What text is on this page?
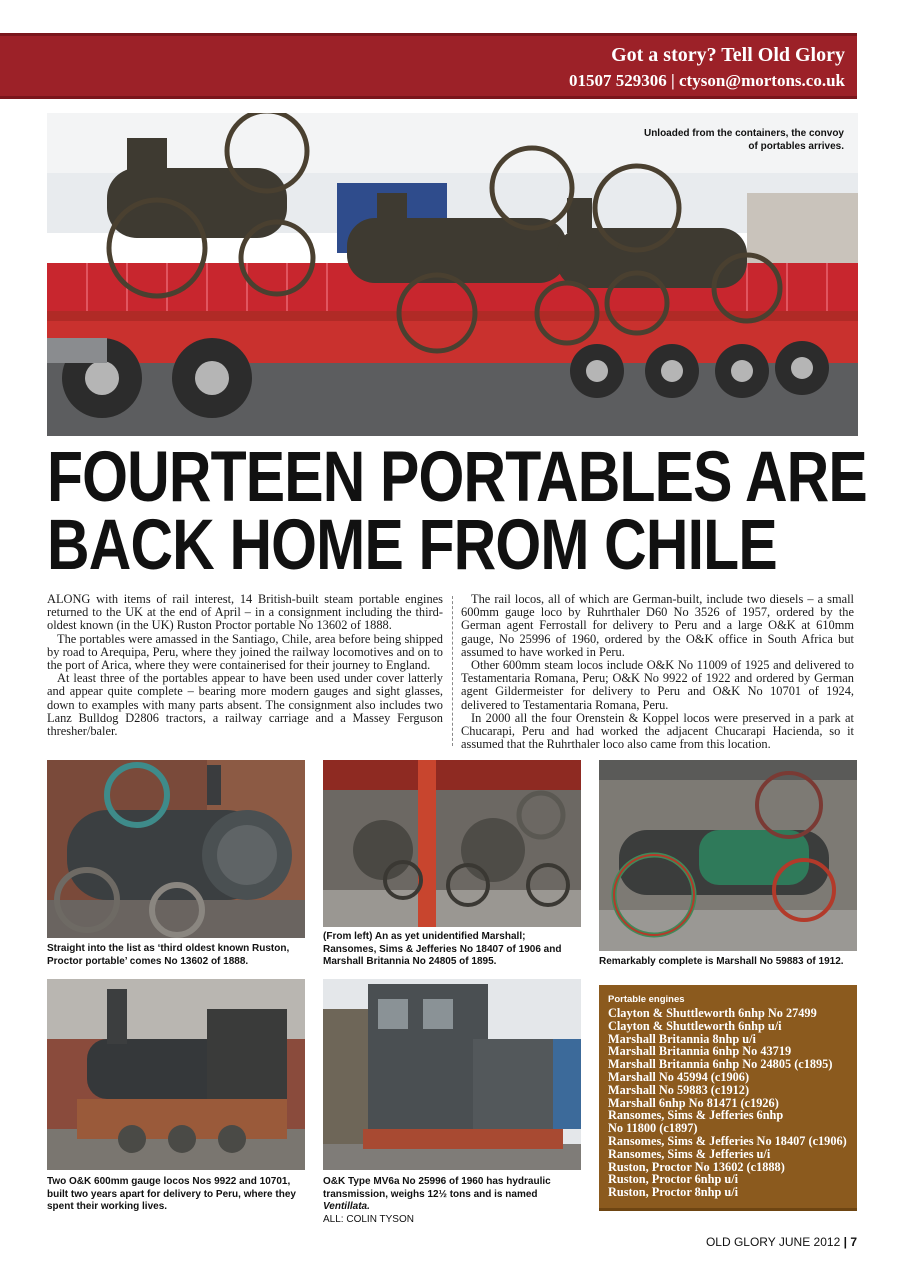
Got a story? Tell Old Glory
01507 529306 | ctyson@mortons.co.uk
Unloaded from the containers, the convoy of portables arrives.
FOURTEEN PORTABLES ARE
BACK HOME FROM CHILE

ALONG with items of rail interest, 14 British-built steam portable engines returned to the UK at the end of April – in a consignment including the third-oldest known (in the UK) Ruston Proctor portable No 13602 of 1888.

The portables were amassed in the Santiago, Chile, area before being shipped by road to Arequipa, Peru, where they joined the railway locomotives and on to the port of Arica, where they were containerised for their journey to England.

At least three of the portables appear to have been used under cover latterly and appear quite complete – bearing more modern gauges and sight glasses, down to examples with many parts absent. The consignment also includes two Lanz Bulldog D2806 tractors, a railway carriage and a Massey Ferguson thresher/baler.

The rail locos, all of which are German-built, include two diesels – a small 600mm gauge loco by Ruhrthaler D60 No 3526 of 1957, ordered by the German agent Ferrostall for delivery to Peru and a large O&K at 610mm gauge, No 25996 of 1960, ordered by the O&K office in South Africa but assumed to have worked in Peru.

Other 600mm steam locos include O&K No 11009 of 1925 and delivered to Testamentaria Romana, Peru; O&K No 9922 of 1922 and ordered by German agent Gildermeister for delivery to Peru and O&K No 10701 of 1924, delivered to Testamentaria Romana, Peru.

In 2000 all the four Orenstein & Koppel locos were preserved in a park at Chucarapi, Peru and had worked the adjacent Chucarapi Hacienda, so it assumed that the Ruhrthaler loco also came from this location.

Straight into the list as ‘third oldest known Ruston, Proctor portable’ comes No 13602 of 1888.
(From left) An as yet unidentified Marshall; Ransomes, Sims & Jefferies No 18407 of 1906 and Marshall Britannia No 24805 of 1895.	Remarkably complete is Marshall No 59883 of 1912.
Two O&K 600mm gauge locos Nos 9922 and 10701, built two years apart for delivery to Peru, where they spent their working lives.
O&K Type MV6a No 25996 of 1960 has hydraulic transmission, weighs 12½ tons and is named Ventillata.
ALL: COLIN TYSON
Portable engines
Clayton & Shuttleworth 6nhp No 27499
Clayton & Shuttleworth 6nhp u/i
Marshall Britannia 8nhp u/i
Marshall Britannia 6nhp No 43719
Marshall Britannia 6nhp No 24805 (c1895)
Marshall No 45994 (c1906)
Marshall No 59883 (c1912)
Marshall 6nhp No 81471 (c1926)
Ransomes, Sims & Jefferies 6nhp
No 11800 (c1897)
Ransomes, Sims & Jefferies No 18407 (c1906)
Ransomes, Sims & Jefferies u/i
Ruston, Proctor No 13602 (c1888)
Ruston, Proctor 6nhp u/i
Ruston, Proctor 8nhp u/i
OLD GLORY JUNE 2012 | 7
